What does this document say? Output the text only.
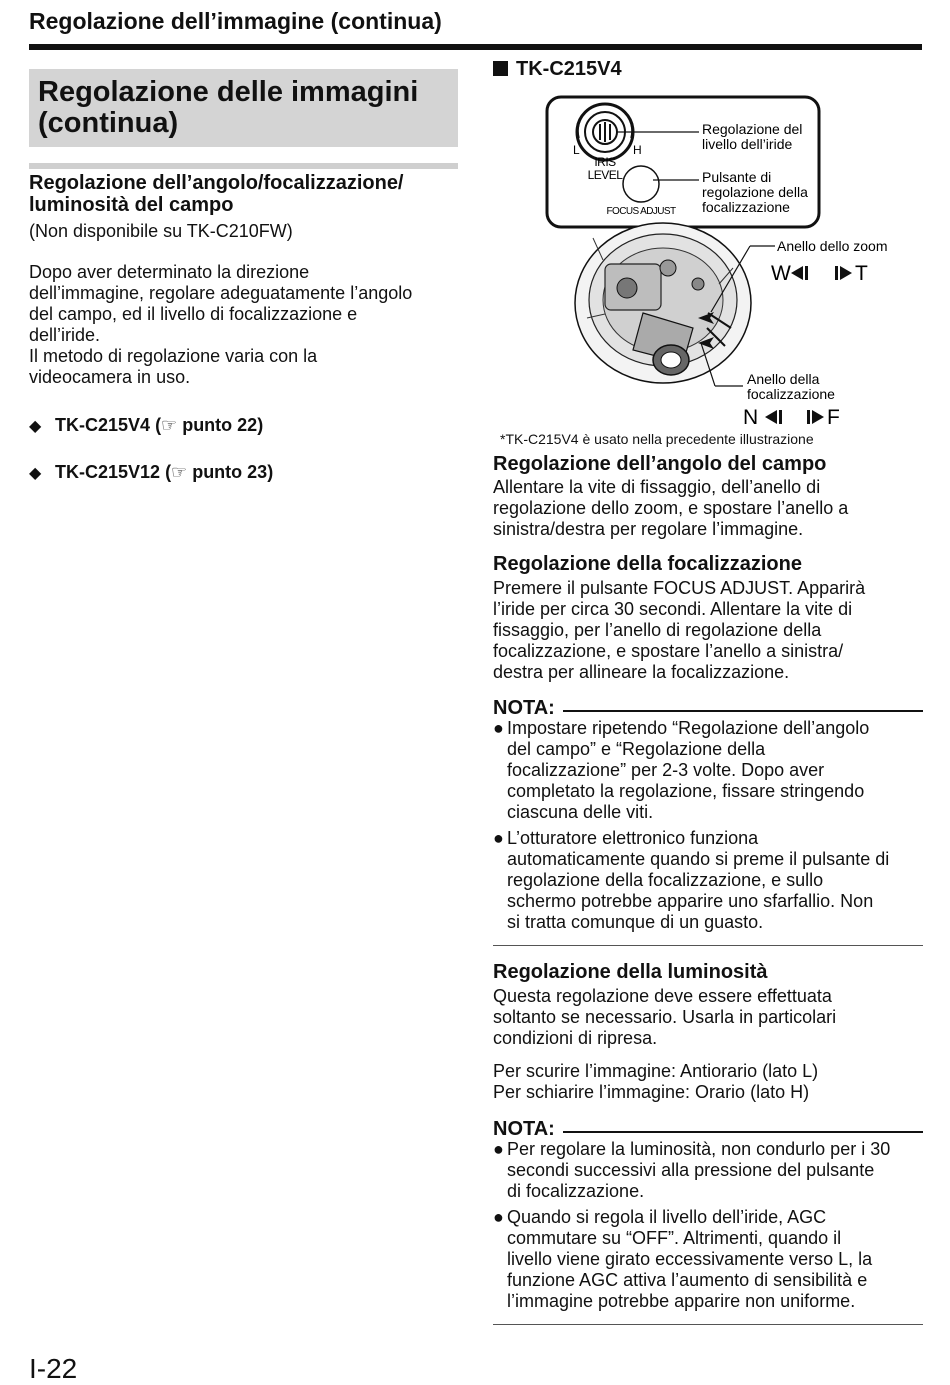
Regolazione dell’immagine (continua)
Regolazione delle immagini
(continua)
Regolazione dell’angolo/focalizzazione/
luminosità del campo
(Non disponibile su TK-C210FW)
Dopo aver determinato la direzione
dell’immagine, regolare adeguatamente l’angolo
del campo, ed il livello di focalizzazione e
dell’iride.
Il metodo di regolazione varia con la
videocamera in uso.
◆ TK-C215V4 (☞ punto 22)
◆ TK-C215V12 (☞ punto 23)
TK-C215V4
L	H
IRIS
LEVEL
FOCUS ADJUST
Regolazione del livello dell’iride
Pulsante di regolazione della focalizzazione
Anello dello zoom
W	T
Anello della focalizzazione
N	F
*TK-C215V4 è usato nella precedente illustrazione
Regolazione dell’angolo del campo
Allentare la vite di fissaggio, dell’anello di
regolazione dello zoom, e spostare l’anello a
sinistra/destra per regolare l’immagine.
Regolazione della focalizzazione
Premere il pulsante FOCUS ADJUST. Apparirà
l’iride per circa 30 secondi. Allentare la vite di
fissaggio, per l’anello di regolazione della
focalizzazione, e spostare l’anello a sinistra/
destra per allineare la focalizzazione.
NOTA:
● Impostare ripetendo “Regolazione dell’angolo
del campo” e “Regolazione della
focalizzazione” per 2-3 volte. Dopo aver
completato la regolazione, fissare stringendo
ciascuna delle viti.
● L’otturatore elettronico funziona
automaticamente quando si preme il pulsante di
regolazione della focalizzazione, e sullo
schermo potrebbe apparire uno sfarfallio. Non
si tratta comunque di un guasto.
Regolazione della luminosità
Questa regolazione deve essere effettuata
soltanto se necessario. Usarla in particolari
condizioni di ripresa.
Per scurire l’immagine: Antiorario (lato L)
Per schiarire l’immagine: Orario (lato H)
NOTA:
● Per regolare la luminosità, non condurlo per i 30
secondi successivi alla pressione del pulsante
di focalizzazione.
● Quando si regola il livello dell’iride, AGC
commutare su “OFF”. Altrimenti, quando il
livello viene girato eccessivamente verso L, la
funzione AGC attiva l’aumento di sensibilità e
l’immagine potrebbe apparire non uniforme.
I-22
